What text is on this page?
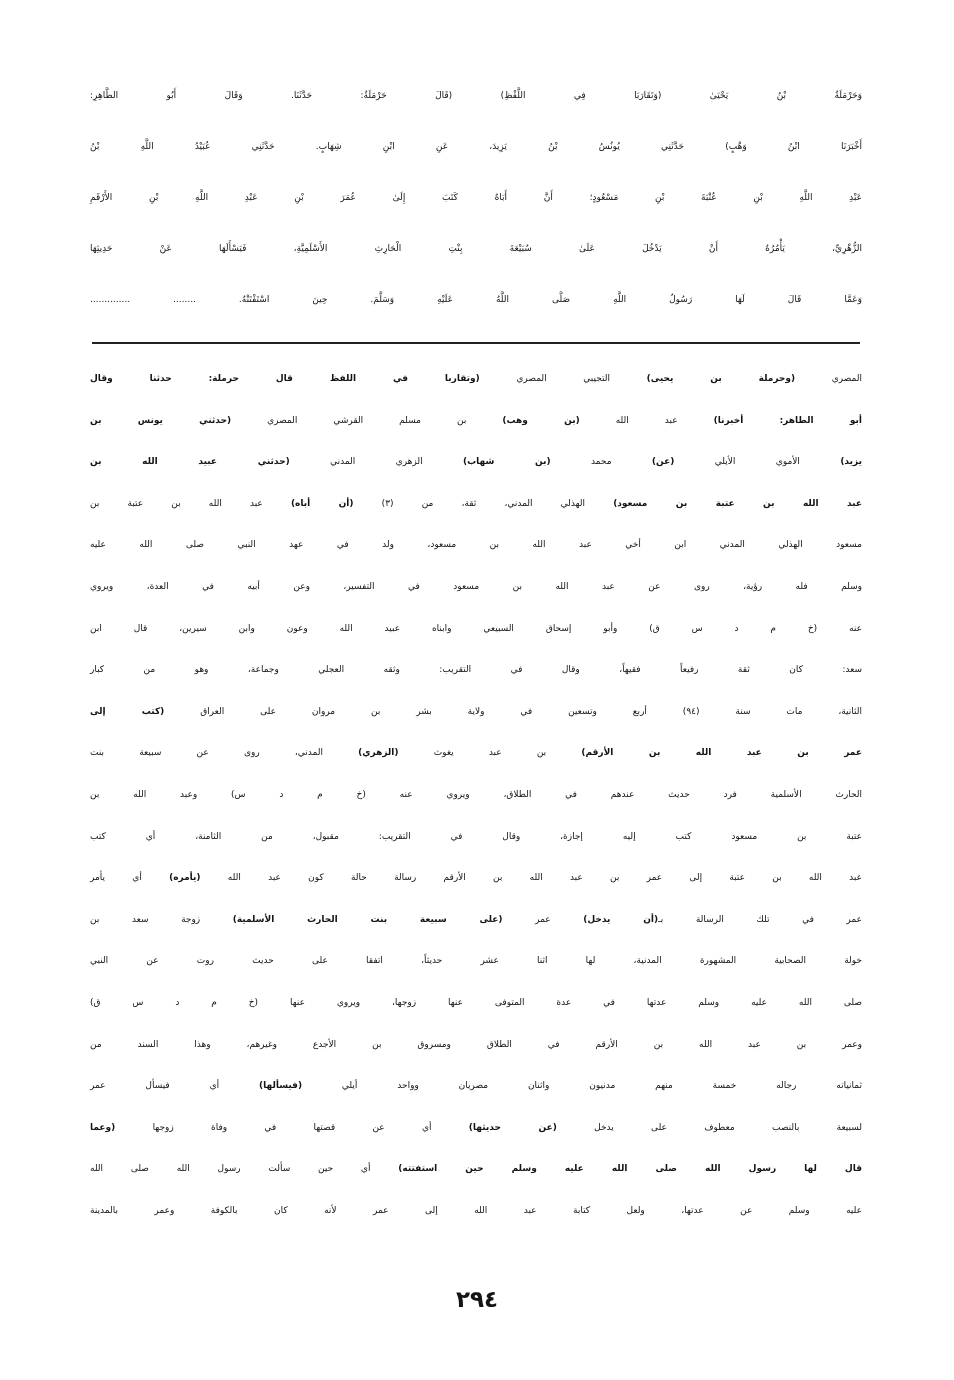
وَحَرْمَلَةُ بْنُ يَحْيَىٰ (وَتَقَارَبَا فِي اللَّفْظِ) (قَالَ حَرْمَلَةُ: حَدَّثَنَا. وَقَالَ أَبُو الطَّاهِرِ:
أَخْبَرَنَا ابْنُ وَهْبٍ) حَدَّثَنِي يُونُسُ بْنُ يَزِيدَ، عَنِ ابْنِ شِهَابٍ. حَدَّثَنِي عُبَيْدُ اللَّهِ بْنُ
عَبْدِ اللَّهِ بْنِ عُتْبَةَ بْنِ مَسْعُودٍ؛ أَنَّ أَبَاهُ كَتَبَ إِلَىٰ عُمَرَ بْنِ عَبْدِ اللَّهِ بْنِ الأَرْقَمِ
الزُّهْرِيِّ، يَأْمُرُهُ أَنْ يَدْخُلَ عَلَىٰ سُبَيْعَةَ بِنْتِ الْحَارِثِ الأَسْلَمِيَّةِ، فَيَسْأَلَهَا عَنْ حَدِيثِهَا
وَعَمَّا قَالَ لَهَا رَسُولُ اللَّهِ صَلَّى اللَّهُ عَلَيْهِ وَسَلَّمَ. حِينَ اسْتَفْتَتْهُ. ........ ..............
المصري (وحرملة بن يحيى) التجيبي المصري (وتقاربا في اللفظ قال حرملة: حدثنا وقال
أبو الطاهر: أخبرنا) عبد الله (بن وهب) بن مسلم القرشي المصري (حدثني يونس بن
يزيد) الأموي الأيلي (عن) محمد (بن شهاب) الزهري المدني (حدثني عبيد الله بن
عبد الله بن عتبة بن مسعود) الهذلي المدني، ثقة، من (٣) (أن أباه) عبد الله بن عتبة بن
مسعود الهذلي المدني ابن أخي عبد الله بن مسعود، ولد في عهد النبي صلى الله عليه
وسلم فله رؤية، روى عن عبد الله بن مسعود في التفسير، وعن أبيه في العدة، ويروي
عنه (خ م د س ق) وأبو إسحاق السبيعي وابناه عبيد الله وعون وابن سيرين، قال ابن
سعد: كان ثقة رفيعاً فقيهاً، وقال في التقريب: وثقه العجلي وجماعة، وهو من كبار
الثانية، مات سنة (٩٤) أربع وتسعين في ولاية بشر بن مروان على العراق (كتب إلى
عمر بن عبد الله بن الأرقم) بن عبد يغوث (الزهري) المدني، روى عن سبيعة بنت
الحارث الأسلمية فرد حديث عندهم في الطلاق، ويروي عنه (خ م د س) وعبد الله بن
عتبة بن مسعود كتب إليه إجازة، وقال في التقريب: مقبول، من الثامنة، أي كتب
عبد الله بن عتبة إلى عمر بن عبد الله بن الأرقم رسالة حالة كون عبد الله (يأمره) أي يأمر
عمر في تلك الرسالة بـ(أن يدخل) عمر (على سبيعة بنت الحارث الأسلمية) زوجة سعد بن
خولة الصحابية المشهورة المدنية، لها اثنا عشر حديثاً، اتفقا على حديث روت عن النبي
صلى الله عليه وسلم عدتها في عدة المتوفى عنها زوجها، ويروي عنها (خ م د س ق)
وعمر بن عبد الله بن الأرقم في الطلاق ومسروق بن الأجدع وغيرهم، وهذا السند من
ثمانياته رجاله خمسة منهم مدنيون واثنان مصريان وواحد أيلي (فيسألها) أي فيسأل عمر
لسبيعة بالنصب معطوف على يدخل (عن حديثها) أي عن قصتها في وفاة زوجها (وعما
قال لها رسول الله صلى الله عليه وسلم حين استفتته) أي حين سألت رسول الله صلى الله
عليه وسلم عن عدتها، ولعل كتابة عبد الله إلى عمر لأنه كان بالكوفة وعمر بالمدينة
٢٩٤
